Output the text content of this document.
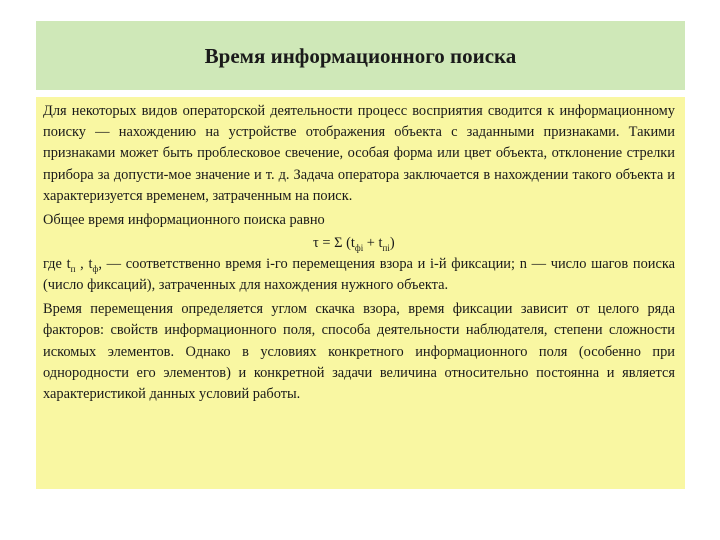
Время информационного поиска

Для некоторых видов операторской деятельности процесс восприятия сводится к информационному поиску — нахождению на устройстве отображения объекта с заданными признаками. Такими признаками может быть проблесковое свечение, особая форма или цвет объекта, отклонение стрелки прибора за допусти-мое значение и т. д. Задача оператора заключается в нахождении такого объекта и характеризуется временем, затраченным на поиск.

Общее время информационного поиска равно

τ = Σ $(t_{фi} + t_{пi})$

где $t_п$ , $t_ф$, — соответственно время i-го перемещения взора и i-й фиксации; n — число шагов поиска (число фиксаций), затраченных для нахождения нужного объекта.

Время перемещения определяется углом скачка взора, время фиксации зависит от целого ряда факторов: свойств информационного поля, способа деятельности наблюдателя, степени сложности искомых элементов. Однако в условиях конкретного информационного поля (особенно при однородности его элементов) и конкретной задачи величина относительно постоянна и является характеристикой данных условий работы.
